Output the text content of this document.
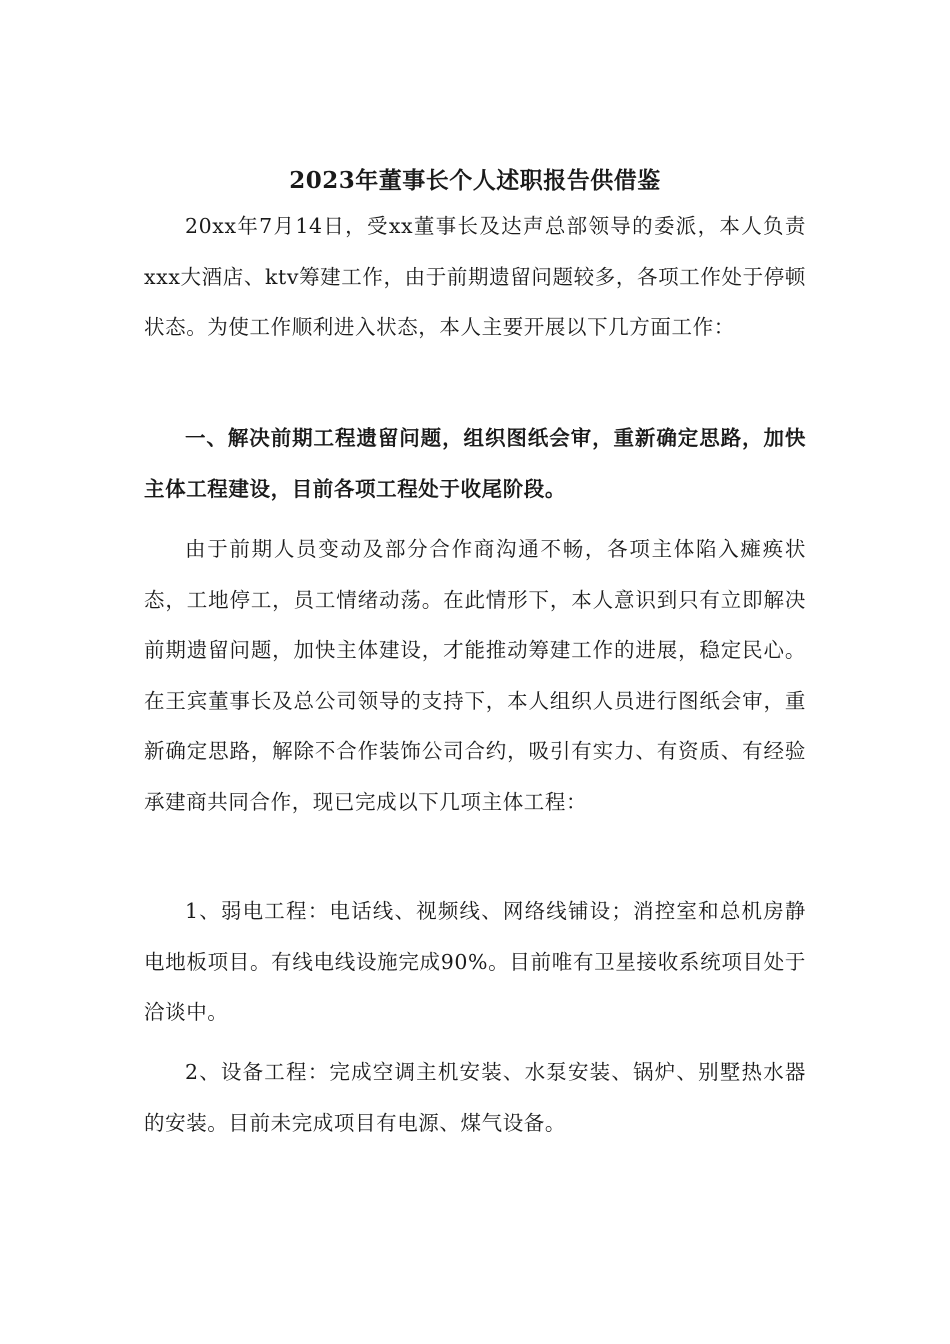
2023年董事长个人述职报告供借鉴

20xx年7月14日，受xx董事长及达声总部领导的委派，本人负责xxx大酒店、ktv筹建工作，由于前期遗留问题较多，各项工作处于停顿状态。为使工作顺利进入状态，本人主要开展以下几方面工作：

一、解决前期工程遗留问题，组织图纸会审，重新确定思路，加快主体工程建设，目前各项工程处于收尾阶段。

由于前期人员变动及部分合作商沟通不畅，各项主体陷入瘫痪状态，工地停工，员工情绪动荡。在此情形下，本人意识到只有立即解决前期遗留问题，加快主体建设，才能推动筹建工作的进展，稳定民心。在王宾董事长及总公司领导的支持下，本人组织人员进行图纸会审，重新确定思路，解除不合作装饰公司合约，吸引有实力、有资质、有经验承建商共同合作，现已完成以下几项主体工程：

1、弱电工程：电话线、视频线、网络线铺设；消控室和总机房静电地板项目。有线电线设施完成90%。目前唯有卫星接收系统项目处于洽谈中。

2、设备工程：完成空调主机安装、水泵安装、锅炉、别墅热水器的安装。目前未完成项目有电源、煤气设备。
